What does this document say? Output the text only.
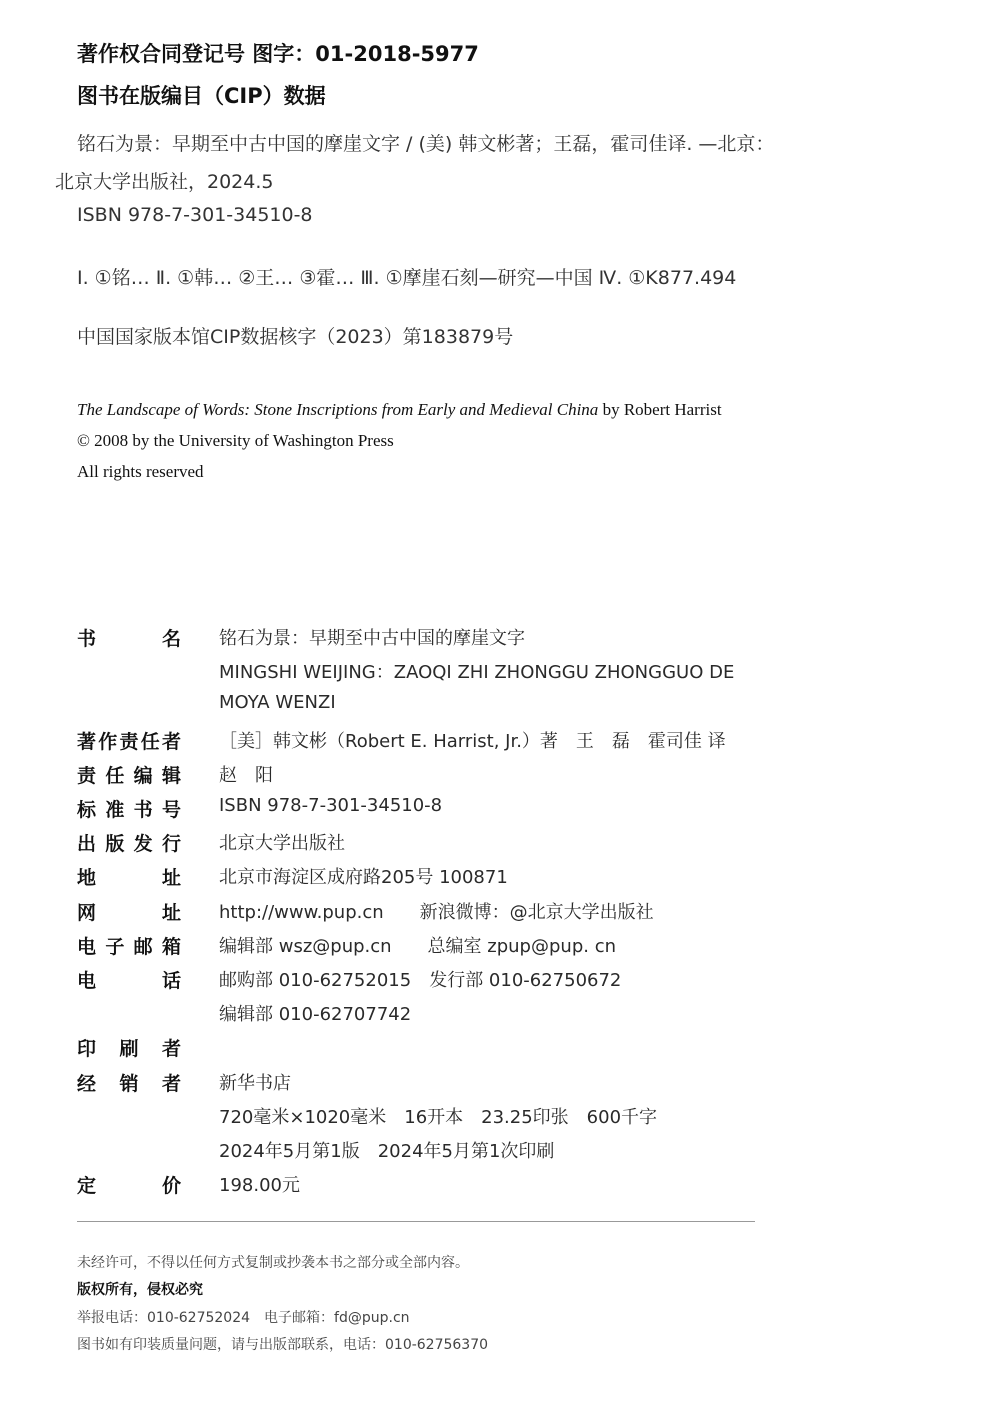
著作权合同登记号 图字：01-2018-5977
图书在版编目（CIP）数据
铭石为景：早期至中古中国的摩崖文字 / (美) 韩文彬著；王磊，霍司佳译. —北京：
北京大学出版社，2024.5
ISBN 978-7-301-34510-8
Ⅰ. ①铭… Ⅱ. ①韩… ②王… ③霍… Ⅲ. ①摩崖石刻—研究—中国 Ⅳ. ①K877.494
中国国家版本馆CIP数据核字（2023）第183879号
The Landscape of Words: Stone Inscriptions from Early and Medieval China by Robert Harrist
© 2008 by the University of Washington Press
All rights reserved
书	名 铭石为景：早期至中古中国的摩崖文字
MINGSHI WEIJING：ZAOQI ZHI ZHONGGU ZHONGGUO DE
MOYA WENZI
著 作 责 任 者 ［美］韩文彬（Robert E. Harrist, Jr.）著　王　磊　霍司佳 译
责 任 编 辑 赵　阳
标 准 书 号 ISBN 978-7-301-34510-8
出 版 发 行 北京大学出版社
地	址 北京市海淀区成府路205号 100871
网	址 http://www.pup.cn　　新浪微博：@北京大学出版社
电 子 邮 箱 编辑部 wsz@pup.cn　　总编室 zpup@pup. cn
电	话 邮购部 010-62752015　发行部 010-62750672
编辑部 010-62707742
印 刷 者
经 销 者 新华书店
720毫米×1020毫米　16开本　23.25印张　600千字
2024年5月第1版　2024年5月第1次印刷
定	价 198.00元
未经许可，不得以任何方式复制或抄袭本书之部分或全部内容。
版权所有，侵权必究
举报电话：010-62752024　电子邮箱：fd@pup.cn
图书如有印装质量问题，请与出版部联系，电话：010-62756370
